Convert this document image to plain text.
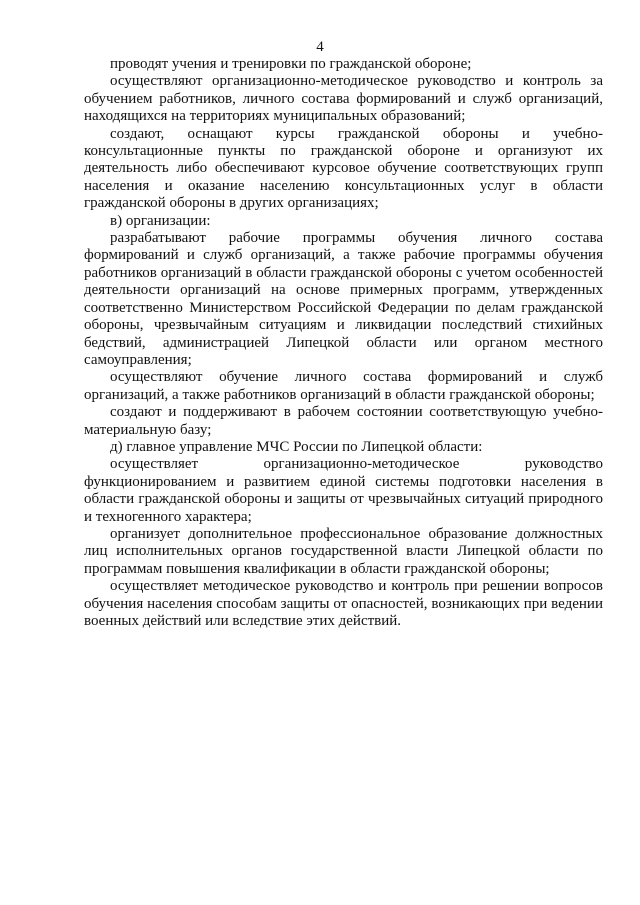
4

проводят учения и тренировки по гражданской обороне;

осуществляют организационно-методическое руководство и контроль за обучением работников, личного состава формирований и служб организаций, находящихся на территориях муниципальных образований;

создают, оснащают курсы гражданской обороны и учебно-консультационные пункты по гражданской обороне и организуют их деятельность либо обеспечивают курсовое обучение соответствующих групп населения и оказание населению консультационных услуг в области гражданской обороны в других организациях;

в) организации:

разрабатывают рабочие программы обучения личного состава формирований и служб организаций, а также рабочие программы обучения работников организаций в области гражданской обороны с учетом особенностей деятельности организаций на основе примерных программ, утвержденных соответственно Министерством Российской Федерации по делам гражданской обороны, чрезвычайным ситуациям и ликвидации последствий стихийных бедствий, администрацией Липецкой области или органом местного самоуправления;

осуществляют обучение личного состава формирований и служб организаций, а также работников организаций в области гражданской обороны;

создают и поддерживают в рабочем состоянии соответствующую учебно-материальную базу;

д) главное управление МЧС России по Липецкой области:

осуществляет организационно-методическое руководство функционированием и развитием единой системы подготовки населения в области гражданской обороны и защиты от чрезвычайных ситуаций природного и техногенного характера;

организует дополнительное профессиональное образование должностных лиц исполнительных органов государственной власти Липецкой области по программам повышения квалификации в области гражданской обороны;

осуществляет методическое руководство и контроль при решении вопросов обучения населения способам защиты от опасностей, возникающих при ведении военных действий или вследствие этих действий.
